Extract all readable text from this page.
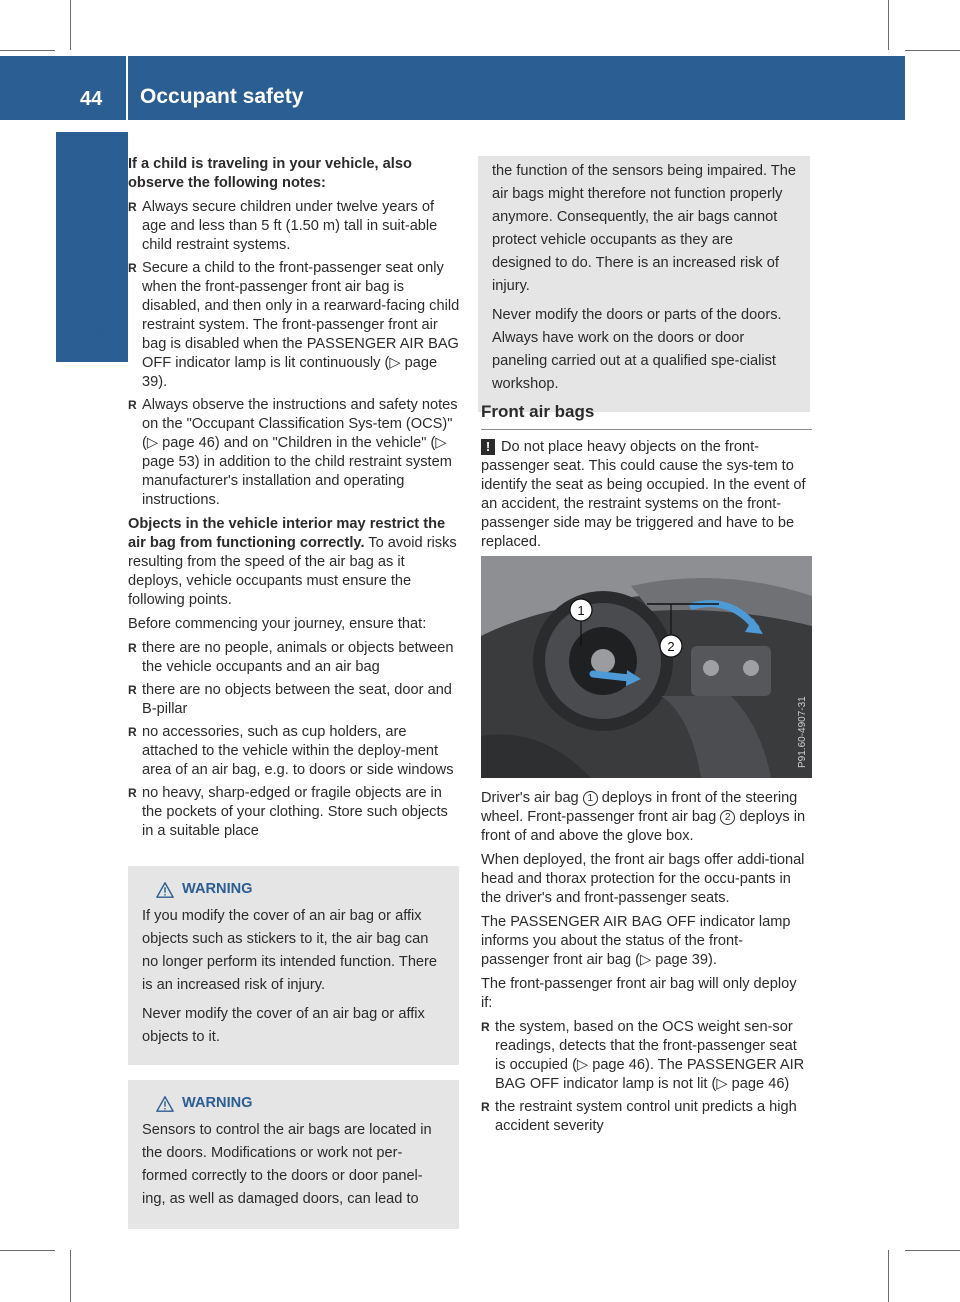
44 Occupant safety
Safety

If a child is traveling in your vehicle, also observe the following notes:

R Always secure children under twelve years of age and less than 5 ft (1.50 m) tall in suit-able child restraint systems.
R Secure a child to the front-passenger seat only when the front-passenger front air bag is disabled, and then only in a rearward-facing child restraint system. The front-passenger front air bag is disabled when the PASSENGER AIR BAG OFF indicator lamp is lit continuously (▷ page 39).
R Always observe the instructions and safety notes on the "Occupant Classification Sys-tem (OCS)" (▷ page 46) and on "Children in the vehicle" (▷ page 53) in addition to the child restraint system manufacturer's installation and operating instructions.

Objects in the vehicle interior may restrict the air bag from functioning correctly. To avoid risks resulting from the speed of the air bag as it deploys, vehicle occupants must ensure the following points.

Before commencing your journey, ensure that:

R there are no people, animals or objects between the vehicle occupants and an air bag
R there are no objects between the seat, door and B-pillar
R no accessories, such as cup holders, are attached to the vehicle within the deploy-ment area of an air bag, e.g. to doors or side windows
R no heavy, sharp-edged or fragile objects are in the pockets of your clothing. Store such objects in a suitable place
WARNING

If you modify the cover of an air bag or affix objects such as stickers to it, the air bag can no longer perform its intended function. There is an increased risk of injury.

Never modify the cover of an air bag or affix objects to it.

WARNING

Sensors to control the air bags are located in the doors. Modifications or work not per-formed correctly to the doors or door panel-ing, as well as damaged doors, can lead to

the function of the sensors being impaired. The air bags might therefore not function properly anymore. Consequently, the air bags cannot protect vehicle occupants as they are designed to do. There is an increased risk of injury.

Never modify the doors or parts of the doors. Always have work on the doors or door paneling carried out at a qualified spe-cialist workshop.

Front air bags
! Do not place heavy objects on the front-passenger seat. This could cause the sys-tem to identify the seat as being occupied. In the event of an accident, the restraint systems on the front-passenger side may be triggered and have to be replaced.
1
2
P91.60-4907-31

Driver's air bag 1 deploys in front of the steering wheel. Front-passenger front air bag 2 deploys in front of and above the glove box.

When deployed, the front air bags offer addi-tional head and thorax protection for the occu-pants in the driver's and front-passenger seats.

The PASSENGER AIR BAG OFF indicator lamp informs you about the status of the front-passenger front air bag (▷ page 39).

The front-passenger front air bag will only deploy if:

R the system, based on the OCS weight sen-sor readings, detects that the front-passenger seat is occupied (▷ page 46). The PASSENGER AIR BAG OFF indicator lamp is not lit (▷ page 46)
R the restraint system control unit predicts a high accident severity
